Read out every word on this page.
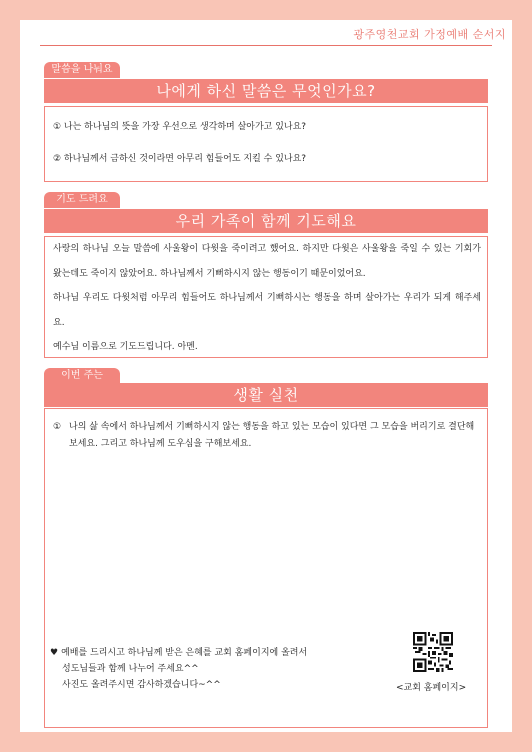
광주영천교회 가정예배 순서지
말씀을 나눠요
나에게 하신 말씀은 무엇인가요?
① 나는 하나님의 뜻을 가장 우선으로 생각하며 살아가고 있나요?
② 하나님께서 금하신 것이라면 아무리 힘들어도 지킬 수 있나요?
기도 드려요
우리 가족이 함께 기도해요

사랑의 하나님 오늘 말씀에 사울왕이 다윗을 죽이려고 했어요. 하지만 다윗은 사울왕을 죽일 수 있는 기회가 왔는데도 죽이지 않았어요. 하나님께서 기뻐하시지 않는 행동이기 때문이었어요.

하나님 우리도 다윗처럼 아무리 힘들어도 하나님께서 기뻐하시는 행동을 하며 살아가는 우리가 되게 해주세요.

예수님 이름으로 기도드립니다. 아멘.

이번 주는
생활 실천
① 나의 삶 속에서 하나님께서 기뻐하시지 않는 행동을 하고 있는 모습이 있다면 그 모습을 버리기로 결단해보세요. 그리고 하나님께 도우심을 구해보세요.
♥ 예배를 드리시고 하나님께 받은 은혜를 교회 홈페이지에 올려서
성도님들과 함께 나누어 주세요^^
사진도 올려주시면 감사하겠습니다~^^	<교회 홈페이지>
